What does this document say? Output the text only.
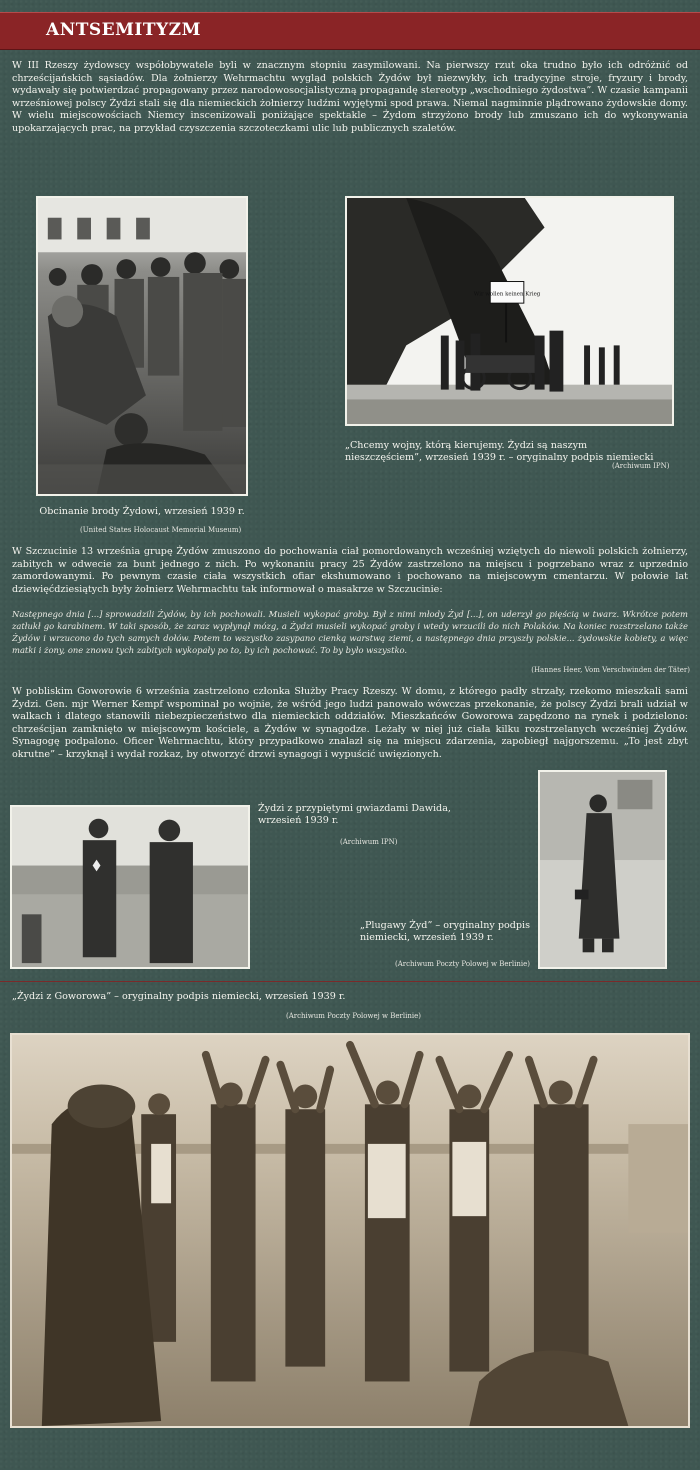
ANTSEMITYZM

W III Rzeszy żydowscy współobywatele byli w znacznym stopniu zasymilowani. Na pierwszy rzut oka trudno było ich odróżnić od chrześcijańskich sąsiadów. Dla żołnierzy Wehrmachtu wygląd polskich Żydów był niezwykły, ich tradycyjne stroje, fryzury i brody, wydawały się potwierdzać propagowany przez narodowosocjalistyczną propagandę stereotyp „wschodniego żydostwa”. W czasie kampanii wrześniowej polscy Żydzi stali się dla niemieckich żołnierzy ludźmi wyjętymi spod prawa. Niemal nagminnie plądrowano żydowskie domy. W wielu miejscowościach Niemcy inscenizowali poniżające spektakle – Żydom strzyżono brody lub zmuszano ich do wykonywania upokarzających prac, na przykład czyszczenia szczoteczkami ulic lub publicznych szaletów.

Obcinanie brody Żydowi, wrzesień 1939 r.
(United States Holocaust Memorial Museum)
Wir wollen keinen Krieg
„Chcemy wojny, którą kierujemy. Żydzi są naszym nieszczęściem”, wrzesień 1939 r. – oryginalny podpis niemiecki
(Archiwum IPN)

W Szczucinie 13 września grupę Żydów zmuszono do pochowania ciał pomordowanych wcześniej wziętych do niewoli polskich żołnierzy, zabitych w odwecie za bunt jednego z nich. Po wykonaniu pracy 25 Żydów zastrzelono na miejscu i pogrzebano wraz z uprzednio zamordowanymi. Po pewnym czasie ciała wszystkich ofiar ekshumowano i pochowano na miejscowym cmentarzu. W połowie lat dziewięćdziesiątych były żołnierz Wehrmachtu tak informował o masakrze w Szczucinie:

Następnego dnia [...] sprowadzili Żydów, by ich pochowali. Musieli wykopać groby. Był z nimi młody Żyd [...], on uderzył go pięścią w twarz. Wkrótce potem zatłukł go karabinem. W taki sposób, że zaraz wypłynął mózg, a Żydzi musieli wykopać groby i wtedy wrzucili do nich Polaków. Na koniec rozstrzelano także Żydów i wrzucono do tych samych dołów. Potem to wszystko zasypano cienką warstwą ziemi, a następnego dnia przyszły polskie... żydowskie kobiety, a więc matki i żony, one znowu tych zabitych wykopały po to, by ich pochować. To by było wszystko.

(Hannes Heer, Vom Verschwinden der Täter)

W pobliskim Goworowie 6 września zastrzelono członka Służby Pracy Rzeszy. W domu, z którego padły strzały, rzekomo mieszkali sami Żydzi. Gen. mjr Werner Kempf wspominał po wojnie, że wśród jego ludzi panowało wówczas przekonanie, że polscy Żydzi brali udział w walkach i dlatego stanowili niebezpieczeństwo dla niemieckich oddziałów. Mieszkańców Goworowa zapędzono na rynek i podzielono: chrześcijan zamknięto w miejscowym kościele, a Żydów w synagodze. Leżały w niej już ciała kilku rozstrzelanych wcześniej Żydów. Synagogę podpalono. Oficer Wehrmachtu, który przypadkowo znalazł się na miejscu zdarzenia, zapobiegł najgorszemu. „To jest zbyt okrutne” – krzyknął i wydał rozkaz, by otworzyć drzwi synagogi i wypuścić uwięzionych.

Żydzi z przypiętymi gwiazdami Dawida, wrzesień 1939 r.
(Archiwum IPN)
„Plugawy Żyd” – oryginalny podpis niemiecki, wrzesień 1939 r.
(Archiwum Poczty Polowej w Berlinie)
„Żydzi z Goworowa” – oryginalny podpis niemiecki, wrzesień 1939 r.
(Archiwum Poczty Polowej w Berlinie)
